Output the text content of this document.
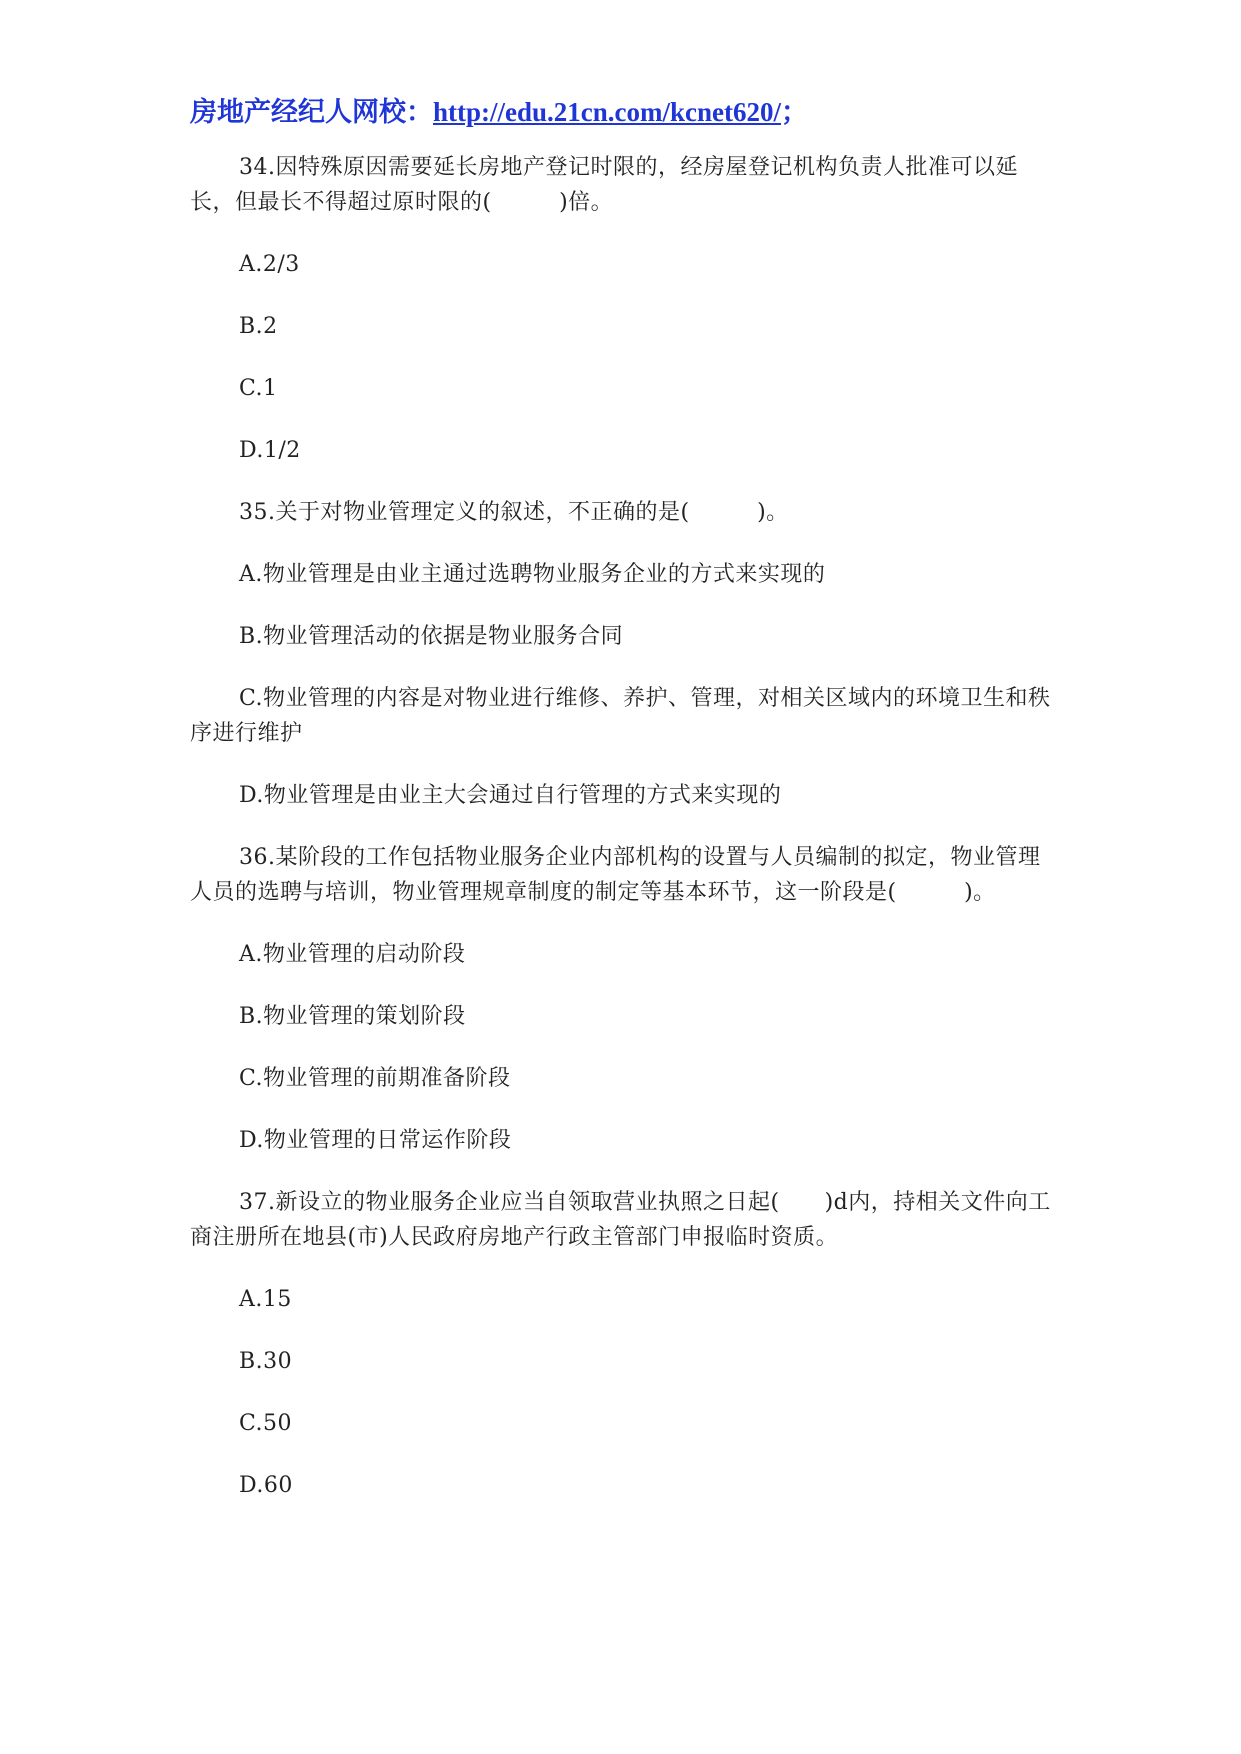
房地产经纪人网校：http://edu.21cn.com/kcnet620/；

34.因特殊原因需要延长房地产登记时限的，经房屋登记机构负责人批准可以延长，但最长不得超过原时限的(　　　)倍。

A.2/3
B.2
C.1
D.1/2

35.关于对物业管理定义的叙述，不正确的是(　　　)。

A.物业管理是由业主通过选聘物业服务企业的方式来实现的
B.物业管理活动的依据是物业服务合同
C.物业管理的内容是对物业进行维修、养护、管理，对相关区域内的环境卫生和秩序进行维护
D.物业管理是由业主大会通过自行管理的方式来实现的

36.某阶段的工作包括物业服务企业内部机构的设置与人员编制的拟定，物业管理人员的选聘与培训，物业管理规章制度的制定等基本环节，这一阶段是(　　　)。

A.物业管理的启动阶段
B.物业管理的策划阶段
C.物业管理的前期准备阶段
D.物业管理的日常运作阶段

37.新设立的物业服务企业应当自领取营业执照之日起(　　)d内，持相关文件向工商注册所在地县(市)人民政府房地产行政主管部门申报临时资质。

A.15
B.30
C.50
D.60
